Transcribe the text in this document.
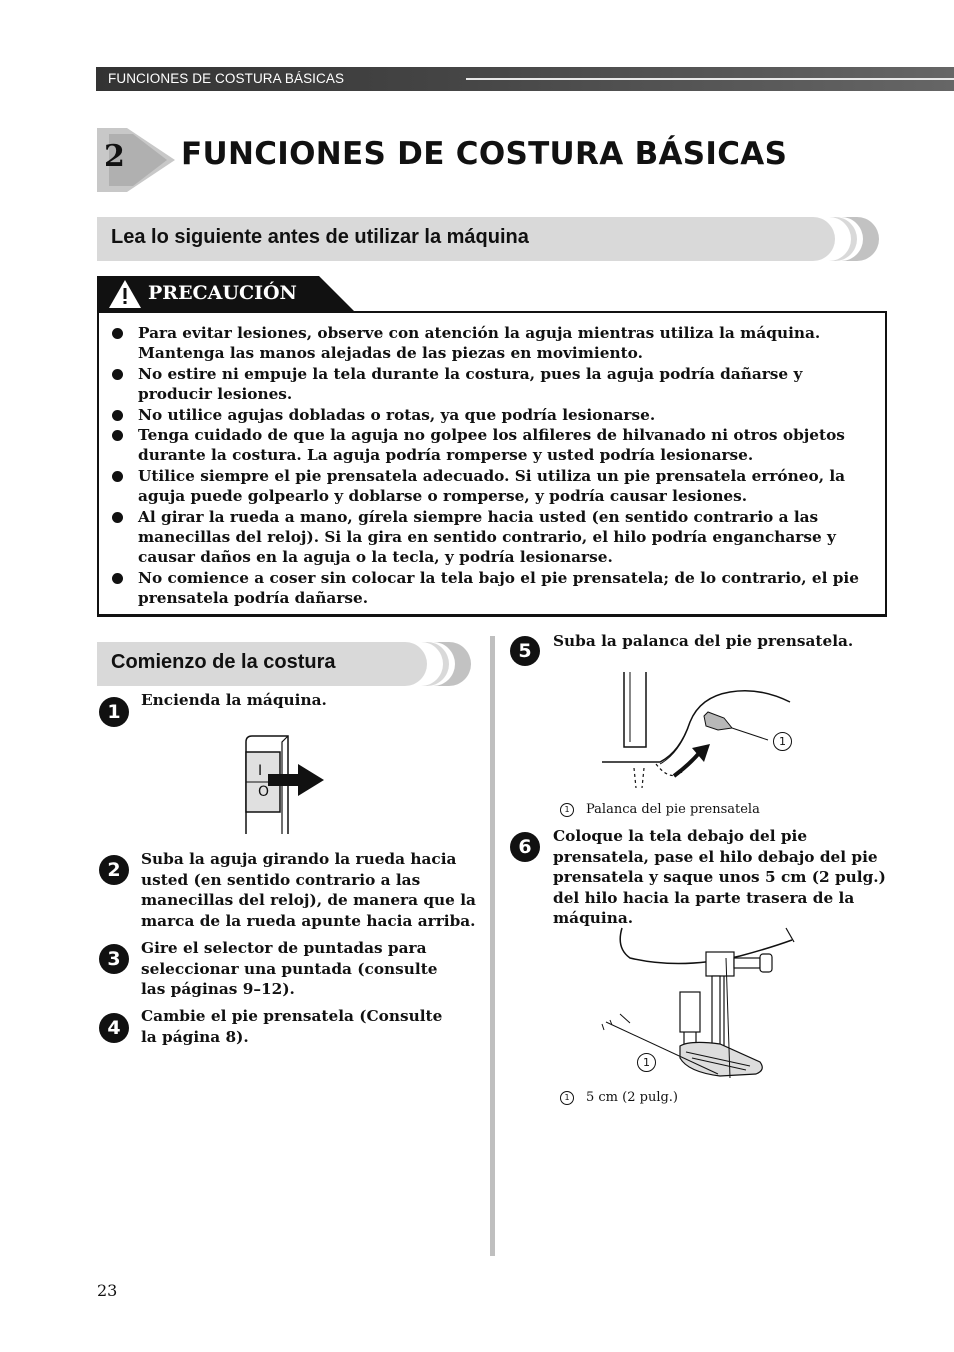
FUNCIONES DE COSTURA BÁSICAS
2 FUNCIONES DE COSTURA BÁSICAS
Lea lo siguiente antes de utilizar la máquina
PRECAUCIÓN
Para evitar lesiones, observe con atención la aguja mientras utiliza la máquina. Mantenga las manos alejadas de las piezas en movimiento.
No estire ni empuje la tela durante la costura, pues la aguja podría dañarse y producir lesiones.
No utilice agujas dobladas o rotas, ya que podría lesionarse.
Tenga cuidado de que la aguja no golpee los alfileres de hilvanado ni otros objetos durante la costura. La aguja podría romperse y usted podría lesionarse.
Utilice siempre el pie prensatela adecuado. Si utiliza un pie prensatela erróneo, la aguja puede golpearlo y doblarse o romperse, y podría causar lesiones.
Al girar la rueda a mano, gírela siempre hacia usted (en sentido contrario a las manecillas del reloj). Si la gira en sentido contrario, el hilo podría engancharse y causar daños en la aguja o la tecla, y podría lesionarse.
No comience a coser sin colocar la tela bajo el pie prensatela; de lo contrario, el pie prensatela podría dañarse.
Comienzo de la costura
1
Encienda la máquina.
I
O
2	Suba la aguja girando la rueda hacia usted (en sentido contrario a las manecillas del reloj), de manera que la marca de la rueda apunte hacia arriba.
3	Gire el selector de puntadas para seleccionar una puntada (consulte las páginas 9–12).
4
Cambie el pie prensatela (Consulte la página 8).
5	Suba la palanca del pie prensatela.
1
1 Palanca del pie prensatela
6	Coloque la tela debajo del pie prensatela, pase el hilo debajo del pie prensatela y saque unos 5 cm (2 pulg.) del hilo hacia la parte trasera de la máquina.
1
1 5 cm (2 pulg.)
23
